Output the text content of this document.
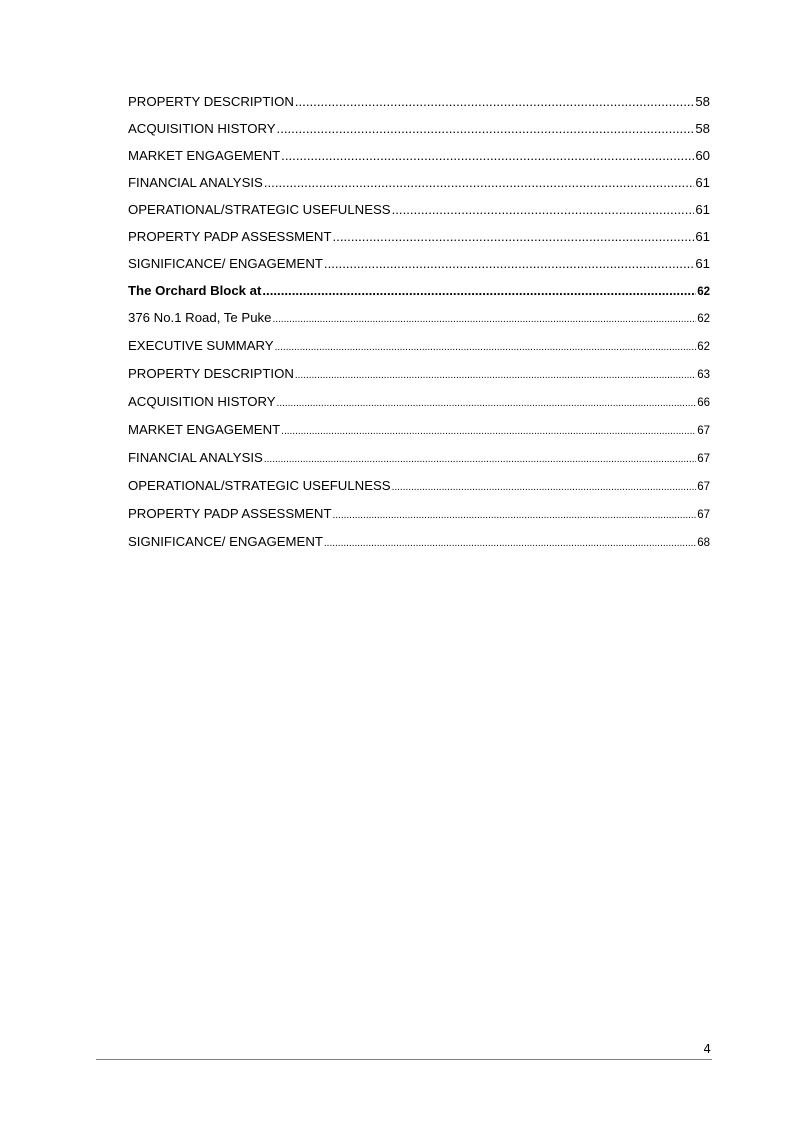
PROPERTY DESCRIPTION .....	58
ACQUISITION HISTORY .....	58
MARKET ENGAGEMENT .....	60
FINANCIAL ANALYSIS .....	61
OPERATIONAL/STRATEGIC USEFULNESS .....	61
PROPERTY PADP ASSESSMENT .....	61
SIGNIFICANCE/ ENGAGEMENT .....	61
The Orchard Block at .....	62
376 No.1 Road, Te Puke .....	62
EXECUTIVE SUMMARY .....	62
PROPERTY DESCRIPTION .....	63
ACQUISITION HISTORY .....	66
MARKET ENGAGEMENT .....	67
FINANCIAL ANALYSIS .....	67
OPERATIONAL/STRATEGIC USEFULNESS .....	67
PROPERTY PADP ASSESSMENT .....	67
SIGNIFICANCE/ ENGAGEMENT .....	68
4
